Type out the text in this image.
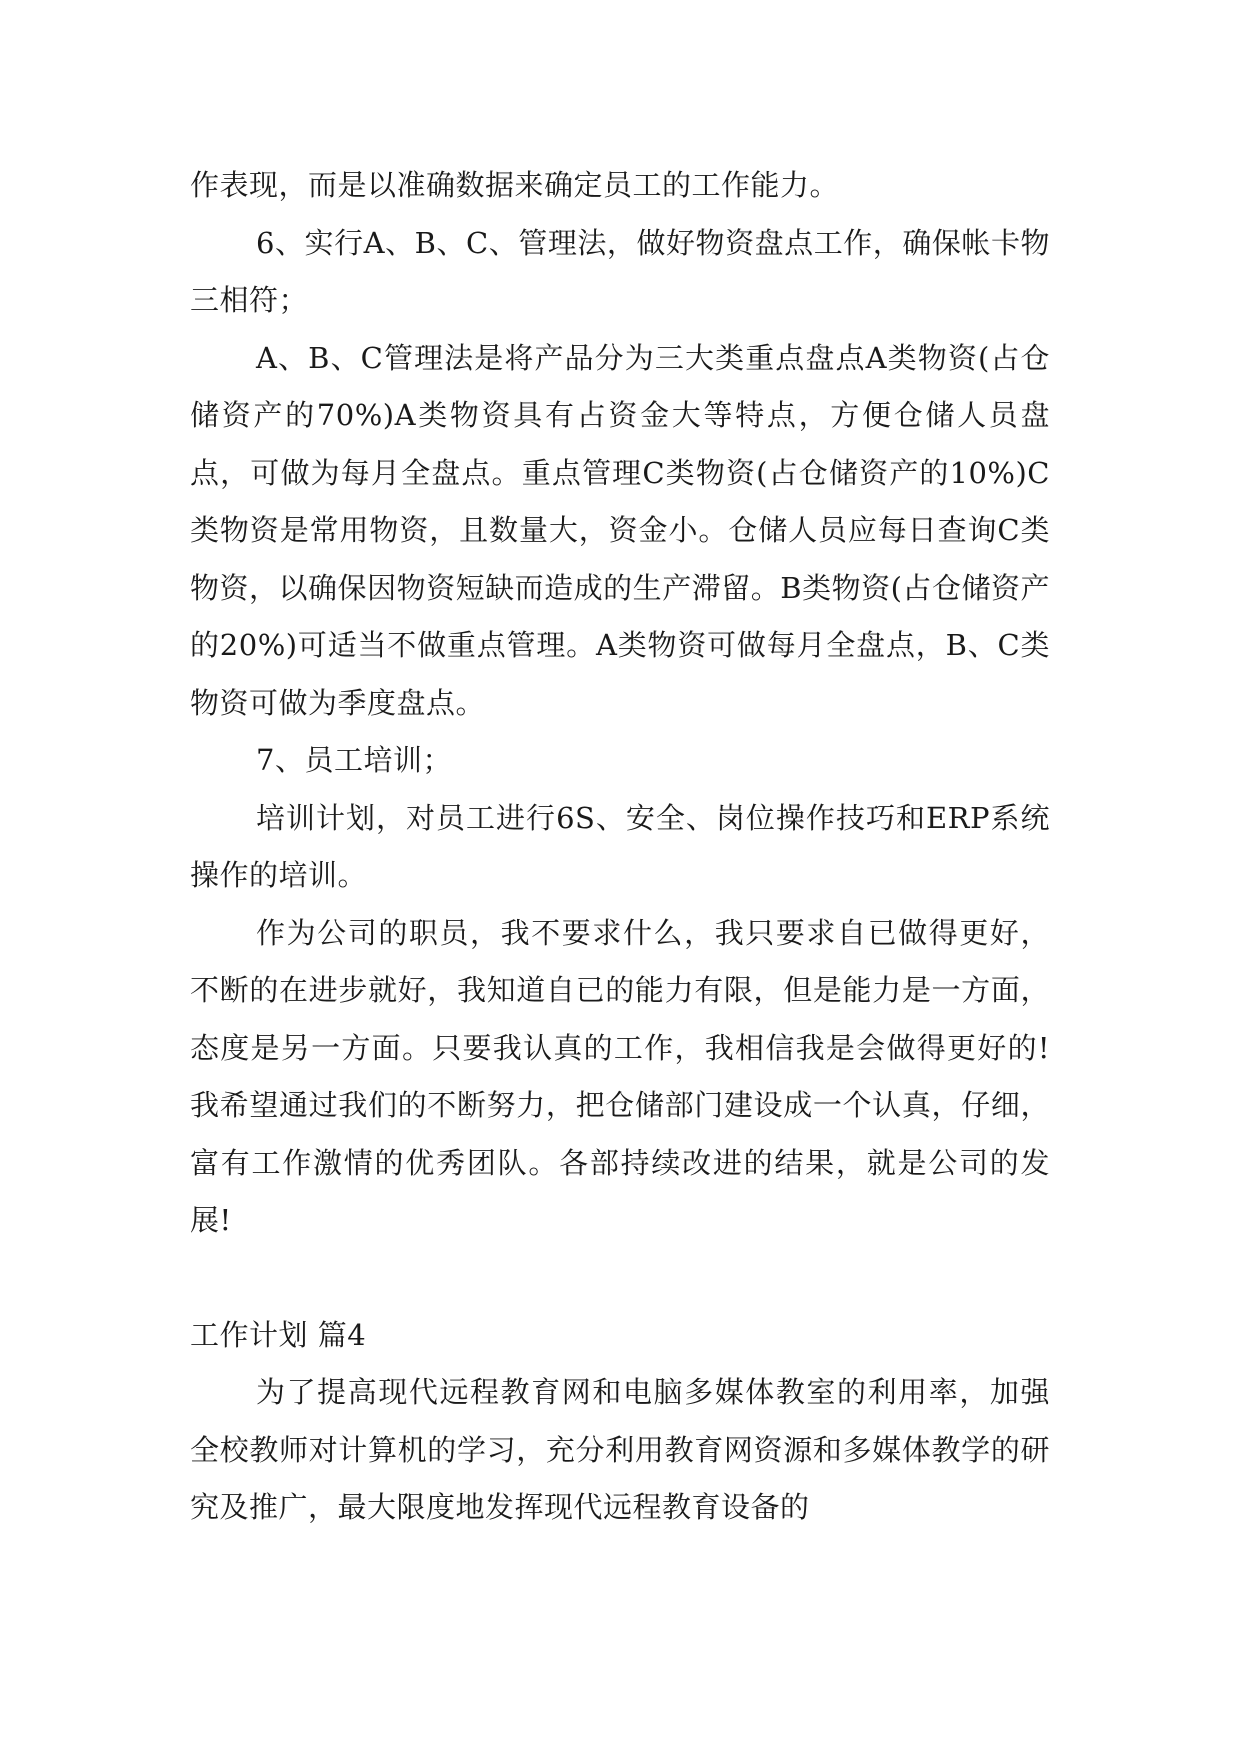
作表现，而是以准确数据来确定员工的工作能力。

6、实行A、B、C、管理法，做好物资盘点工作，确保帐卡物三相符；

A、B、C管理法是将产品分为三大类重点盘点A类物资(占仓储资产的70%)A类物资具有占资金大等特点，方便仓储人员盘点，可做为每月全盘点。重点管理C类物资(占仓储资产的10%)C类物资是常用物资，且数量大，资金小。仓储人员应每日查询C类物资，以确保因物资短缺而造成的生产滞留。B类物资(占仓储资产的20%)可适当不做重点管理。A类物资可做每月全盘点，B、C类物资可做为季度盘点。

7、员工培训；

培训计划，对员工进行6S、安全、岗位操作技巧和ERP系统操作的培训。

作为公司的职员，我不要求什么，我只要求自已做得更好，不断的在进步就好，我知道自已的能力有限，但是能力是一方面，态度是另一方面。只要我认真的工作，我相信我是会做得更好的!我希望通过我们的不断努力，把仓储部门建设成一个认真，仔细，富有工作激情的优秀团队。各部持续改进的结果，就是公司的发展!

工作计划 篇4

为了提高现代远程教育网和电脑多媒体教室的利用率，加强全校教师对计算机的学习，充分利用教育网资源和多媒体教学的研究及推广，最大限度地发挥现代远程教育设备的
